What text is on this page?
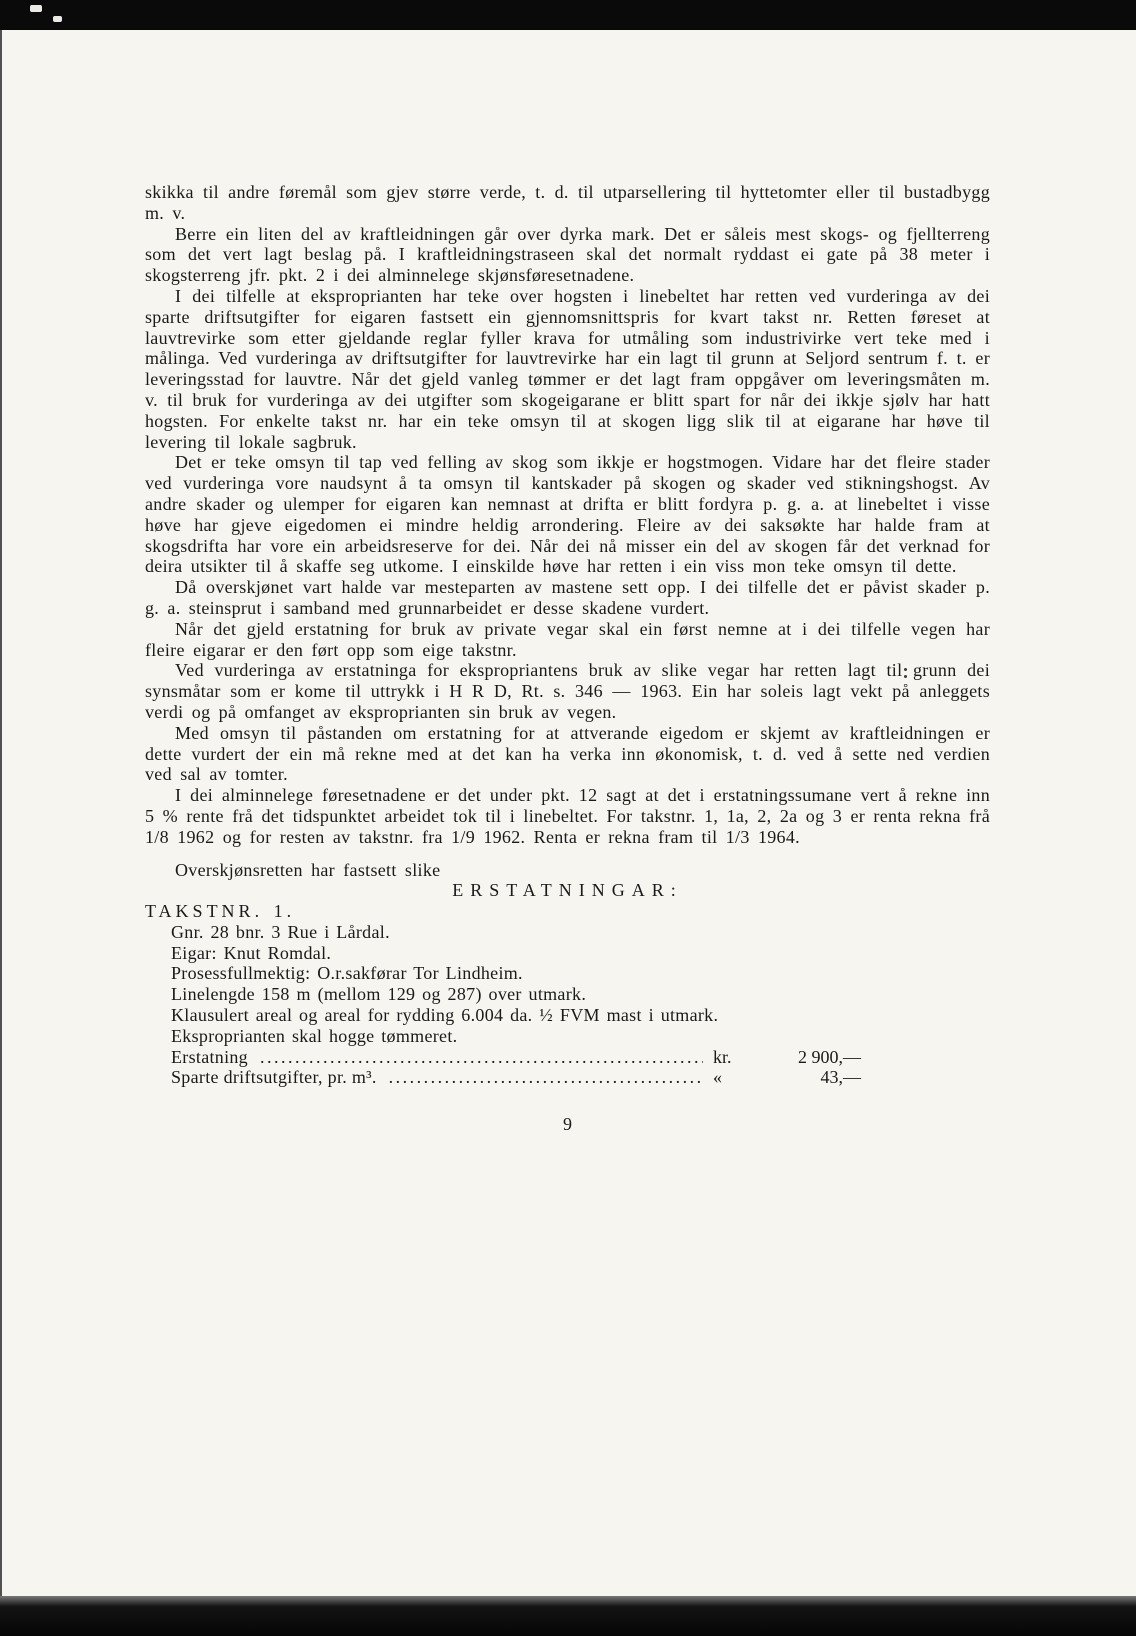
skikka til andre føremål som gjev større verde, t. d. til utparsellering til hyttetomter eller til bustadbygg m. v.

Berre ein liten del av kraftleidningen går over dyrka mark. Det er såleis mest skogs- og fjellterreng som det vert lagt beslag på. I kraftleidningstraseen skal det normalt ryddast ei gate på 38 meter i skogsterreng jfr. pkt. 2 i dei alminnelege skjønsføresetnadene.

I dei tilfelle at eksproprianten har teke over hogsten i linebeltet har retten ved vurderinga av dei sparte driftsutgifter for eigaren fastsett ein gjennomsnittspris for kvart takst nr. Retten føreset at lauvtrevirke som etter gjeldande reglar fyller krava for utmåling som industrivirke vert teke med i målinga. Ved vurderinga av driftsutgifter for lauvtrevirke har ein lagt til grunn at Seljord sentrum f. t. er leveringsstad for lauvtre. Når det gjeld vanleg tømmer er det lagt fram oppgåver om leveringsmåten m. v. til bruk for vurderinga av dei utgifter som skogeigarane er blitt spart for når dei ikkje sjølv har hatt hogsten. For enkelte takst nr. har ein teke omsyn til at skogen ligg slik til at eigarane har høve til levering til lokale sagbruk.

Det er teke omsyn til tap ved felling av skog som ikkje er hogstmogen. Vidare har det fleire stader ved vurderinga vore naudsynt å ta omsyn til kantskader på skogen og skader ved stikningshogst. Av andre skader og ulemper for eigaren kan nemnast at drifta er blitt fordyra p. g. a. at linebeltet i visse høve har gjeve eigedomen ei mindre heldig arrondering. Fleire av dei saksøkte har halde fram at skogsdrifta har vore ein arbeidsreserve for dei. Når dei nå misser ein del av skogen får det verknad for deira utsikter til å skaffe seg utkome. I einskilde høve har retten i ein viss mon teke omsyn til dette.

Då overskjønet vart halde var mesteparten av mastene sett opp. I dei tilfelle det er påvist skader p. g. a. steinsprut i samband med grunnarbeidet er desse skadene vurdert.

Når det gjeld erstatning for bruk av private vegar skal ein først nemne at i dei tilfelle vegen har fleire eigarar er den ført opp som eige takstnr.

Ved vurderinga av erstatninga for ekspropriantens bruk av slike vegar har retten lagt til grunn dei synsmåtar som er kome til uttrykk i H R D, Rt. s. 346 — 1963. Ein har soleis lagt vekt på anleggets verdi og på omfanget av eksproprianten sin bruk av vegen.

Med omsyn til påstanden om erstatning for at attverande eigedom er skjemt av kraftleidningen er dette vurdert der ein må rekne med at det kan ha verka inn økonomisk, t. d. ved å sette ned verdien ved sal av tomter.

I dei alminnelege føresetnadene er det under pkt. 12 sagt at det i erstatningssumane vert å rekne inn 5 % rente frå det tidspunktet arbeidet tok til i linebeltet. For takstnr. 1, 1a, 2, 2a og 3 er renta rekna frå 1/8 1962 og for resten av takstnr. fra 1/9 1962. Renta er rekna fram til 1/3 1964.

Overskjønsretten har fastsett slike

ERSTATNINGAR:

TAKSTNR. 1.

Gnr. 28 bnr. 3 Rue i Lårdal.

Eigar: Knut Romdal.

Prosessfullmektig: O.r.sakførar Tor Lindheim.

Linelengde 158 m (mellom 129 og 287) over utmark.

Klausulert areal og areal for rydding 6.004 da. ½ FVM mast i utmark.

Eksproprianten skal hogge tømmeret.

Erstatning .....	kr.	2 900,—
Sparte driftsutgifter, pr. m³. .....	«	43,—
9
